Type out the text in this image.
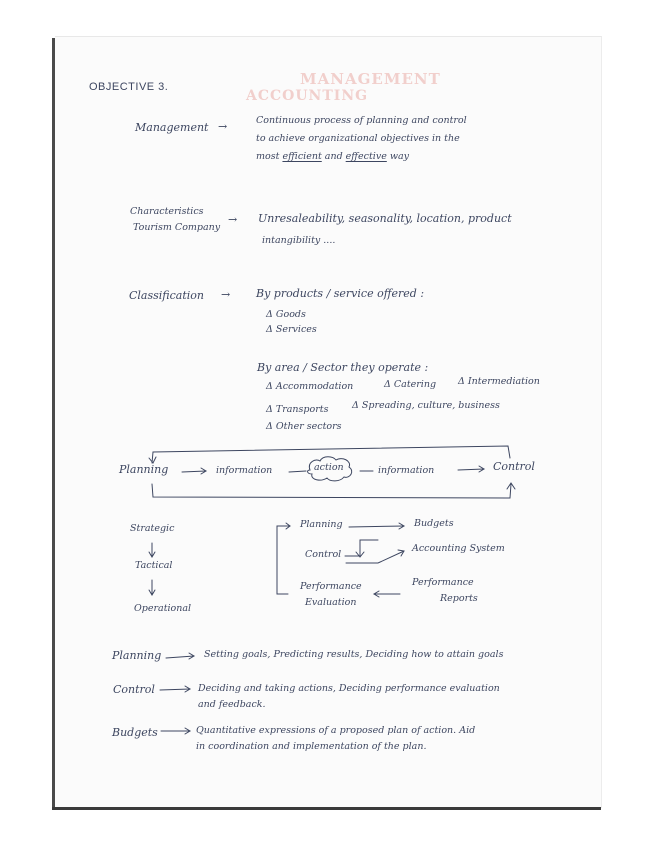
MANAGEMENT
ACCOUNTING
OBJECTIVE 3.
Management →	Continuous process of planning and control
to achieve organizational objectives in the
most efficient and effective way
Characteristics
Tourism Company
→ Unresaleability, seasonality, location, product
intangibility ....
Classification → By products / service offered :
Δ Goods
Δ Services
By area / Sector they operate :
Δ Accommodation	Δ Catering Δ Intermediation
Δ Transports Δ Spreading, culture, business
Δ Other sectors
Planning	information	action	information	Control
Strategic
Tactical
Operational
Planning	Budgets
Control
Accounting System
Performance
Evaluation
Performance
Reports
Planning	Setting goals, Predicting results, Deciding how to attain goals
Control	Deciding and taking actions, Deciding performance evaluation
and feedback.
Budgets	Quantitative expressions of a proposed plan of action. Aid
in coordination and implementation of the plan.
